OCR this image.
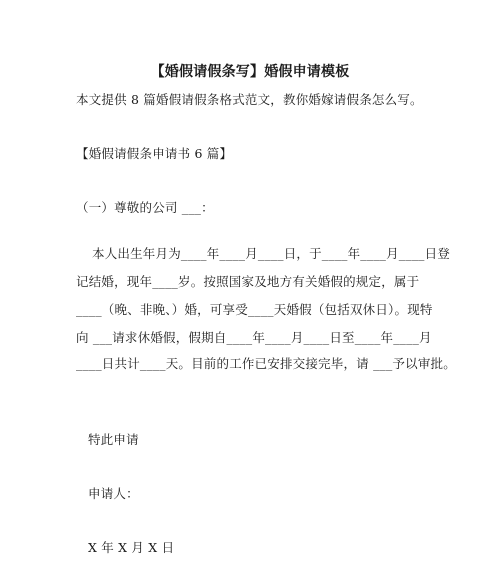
【婚假请假条写】婚假申请模板
本文提供 8 篇婚假请假条格式范文，教你婚嫁请假条怎么写。
【婚假请假条申请书 6 篇】
（一）尊敬的公司 ___：
本人出生年月为____年____月____日，于____年____月____日登
记结婚，现年____岁。按照国家及地方有关婚假的规定，属于
____（晚、非晚、）婚，可享受____天婚假（包括双休日）。现特
向 ___请求休婚假，假期自____年____月____日至____年____月
____日共计____天。目前的工作已安排交接完毕，请 ___予以审批。
特此申请
申请人：
X 年 X 月 X 日
